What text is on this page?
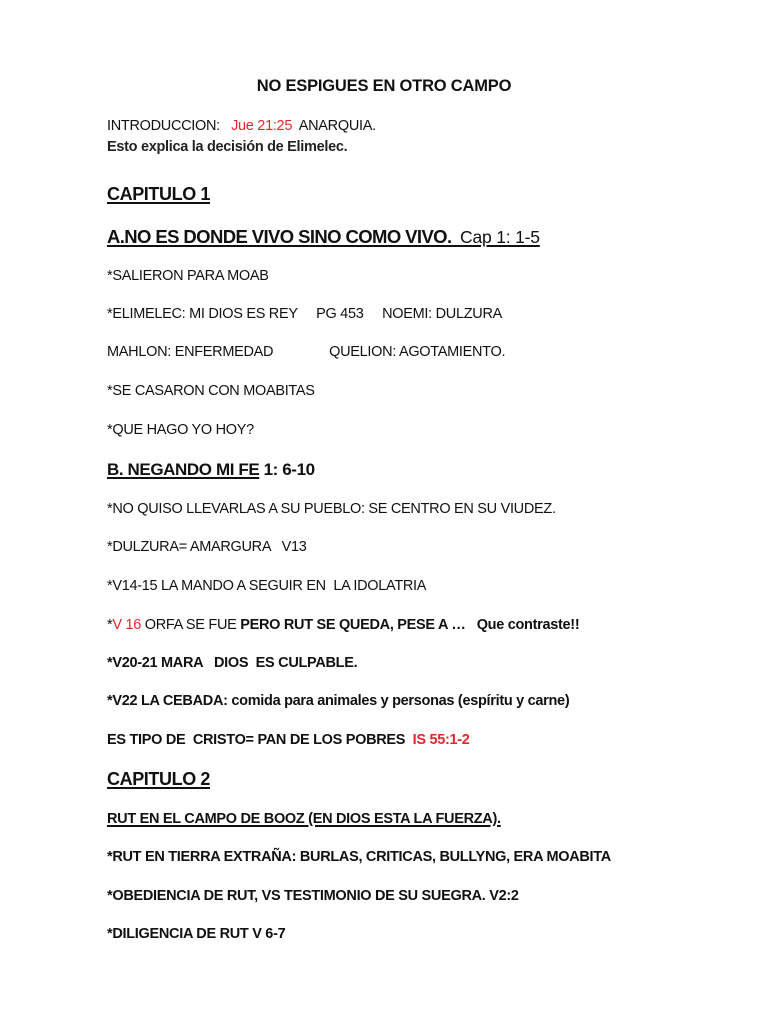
NO ESPIGUES EN OTRO CAMPO
INTRODUCCION: Jue 21:25 ANARQUIA.
Esto explica la decisión de Elimelec.
CAPITULO 1
A.NO ES DONDE VIVO SINO COMO VIVO. Cap 1: 1-5
*SALIERON PARA MOAB
*ELIMELEC: MI DIOS ES REY     PG 453     NOEMI: DULZURA
MAHLON: ENFERMEDAD               QUELION: AGOTAMIENTO.
*SE CASARON CON MOABITAS
*QUE HAGO YO HOY?
B. NEGANDO MI FE 1: 6-10
*NO QUISO LLEVARLAS A SU PUEBLO: SE CENTRO EN SU VIUDEZ.
*DULZURA= AMARGURA   V13
*V14-15 LA MANDO A SEGUIR EN  LA IDOLATRIA
*V 16 ORFA SE FUE PERO RUT SE QUEDA, PESE A …   Que contraste!!
*V20-21 MARA   DIOS  ES CULPABLE.
*V22 LA CEBADA: comida para animales y personas (espíritu y carne)
ES TIPO DE  CRISTO= PAN DE LOS POBRES  IS 55:1-2
CAPITULO 2
RUT EN EL CAMPO DE BOOZ (EN DIOS ESTA LA FUERZA).
*RUT EN TIERRA EXTRAÑA: BURLAS, CRITICAS, BULLYNG, ERA MOABITA
*OBEDIENCIA DE RUT, VS TESTIMONIO DE SU SUEGRA. V2:2
*DILIGENCIA DE RUT V 6-7
